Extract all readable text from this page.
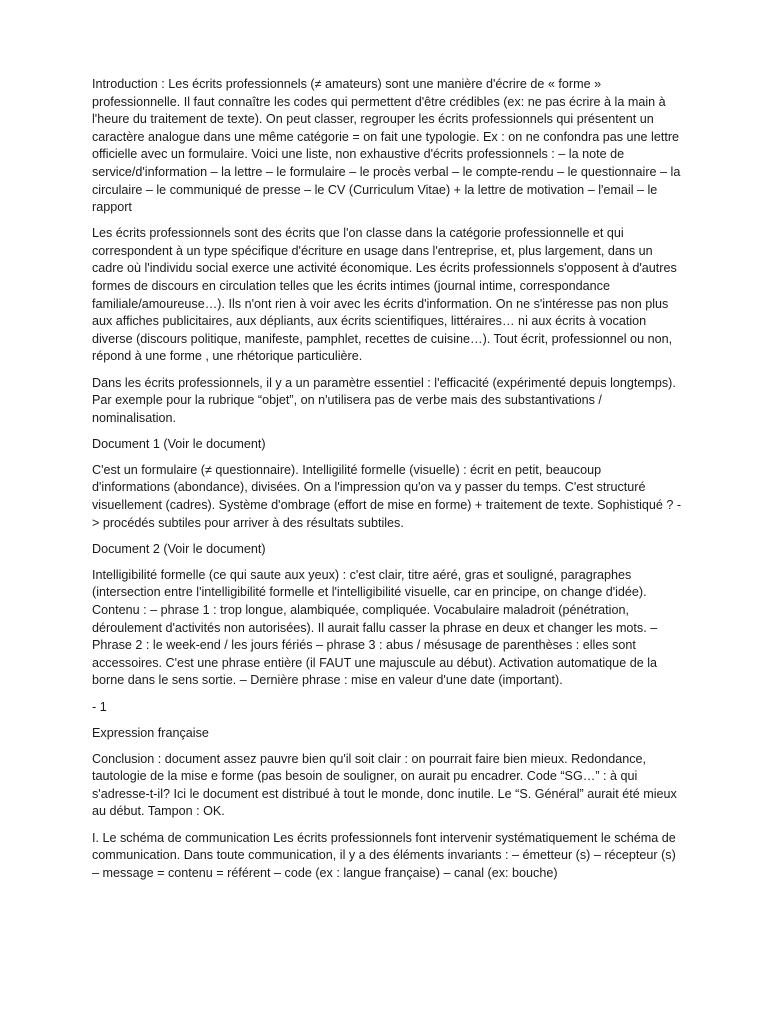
Introduction : Les écrits professionnels (≠ amateurs) sont une manière d'écrire de « forme » professionnelle. Il faut connaître les codes qui permettent d'être crédibles (ex: ne pas écrire à la main à l'heure du traitement de texte). On peut classer, regrouper les écrits professionnels qui présentent un caractère analogue dans une même catégorie = on fait une typologie. Ex : on ne confondra pas une lettre officielle avec un formulaire. Voici une liste, non exhaustive d'écrits professionnels : – la note de service/d'information – la lettre – le formulaire – le procès verbal – le compte-rendu – le questionnaire – la circulaire – le communiqué de presse – le CV (Curriculum Vitae) + la lettre de motivation – l'email – le rapport

Les écrits professionnels sont des écrits que l'on classe dans la catégorie professionnelle et qui correspondent à un type spécifique d'écriture en usage dans l'entreprise, et, plus largement, dans un cadre où l'individu social exerce une activité économique. Les écrits professionnels s'opposent à d'autres formes de discours en circulation telles que les écrits intimes (journal intime, correspondance familiale/amoureuse…). Ils n'ont rien à voir avec les écrits d'information. On ne s'intéresse pas non plus aux affiches publicitaires, aux dépliants, aux écrits scientifiques, littéraires… ni aux écrits à vocation diverse (discours politique, manifeste, pamphlet, recettes de cuisine…). Tout écrit, professionnel ou non, répond à une forme , une rhétorique particulière.

Dans les écrits professionnels, il y a un paramètre essentiel : l'efficacité (expérimenté depuis longtemps). Par exemple pour la rubrique “objet”, on n'utilisera pas de verbe mais des substantivations / nominalisation.

Document 1 (Voir le document)

C'est un formulaire (≠ questionnaire). Intelligilité formelle (visuelle) : écrit en petit, beaucoup d'informations (abondance), divisées. On a l'impression qu'on va y passer du temps. C'est structuré visuellement (cadres). Système d'ombrage (effort de mise en forme) + traitement de texte. Sophistiqué ? -> procédés subtiles pour arriver à des résultats subtiles.

Document 2 (Voir le document)

Intelligibilité formelle (ce qui saute aux yeux) : c'est clair, titre aéré, gras et souligné, paragraphes (intersection entre l'intelligibilité formelle et l'intelligibilité visuelle, car en principe, on change d'idée). Contenu : – phrase 1 : trop longue, alambiquée, compliquée. Vocabulaire maladroit (pénétration, déroulement d'activités non autorisées). Il aurait fallu casser la phrase en deux et changer les mots. – Phrase 2 : le week-end / les jours fériés – phrase 3 : abus / mésusage de parenthèses : elles sont accessoires. C'est une phrase entière (il FAUT une majuscule au début). Activation automatique de la borne dans le sens sortie. – Dernière phrase : mise en valeur d'une date (important).

- 1

Expression française

Conclusion : document assez pauvre bien qu'il soit clair : on pourrait faire bien mieux. Redondance, tautologie de la mise e forme (pas besoin de souligner, on aurait pu encadrer. Code “SG…” : à qui s'adresse-t-il? Ici le document est distribué à tout le monde, donc inutile. Le “S. Général” aurait été mieux au début. Tampon : OK.

I. Le schéma de communication Les écrits professionnels font intervenir systématiquement le schéma de communication. Dans toute communication, il y a des éléments invariants : – émetteur (s) – récepteur (s) – message = contenu = référent – code (ex : langue française) – canal (ex: bouche)
